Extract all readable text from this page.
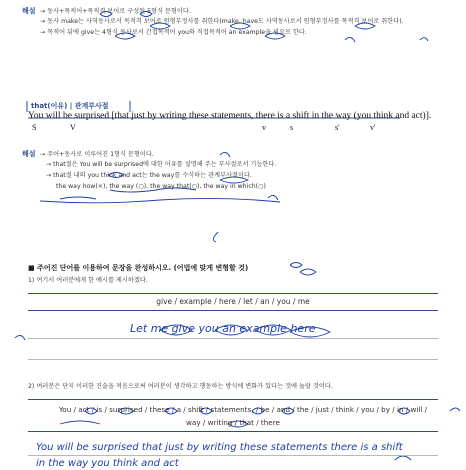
해설 → 동사+목적어+목적격 보어로 구성된 5형식 문형이다.
→ 동사 make는 사역동사로서 목적격 보어로 원형부정사를 취한다(make, have도 사역동사로서 원형부정사를 목적격 보어로 취한다).
→ 목적어 뒤에 give는 4형식 동사로서 간접목적어 you와 직접목적어 an example을 필요로 한다.
that(이유) | 관계부사절
You will be surprised [that just by writing these statements, there is a shift in the way (you think and act)].
S	V	v	s	s'	v'
해설 → 주어+동사로 이루어진 1형식 문형이다.
→ that절은 You will be surprised에 대한 이유를 설명해 주는 부사절로서 기능한다.
→ that절 내의 you think and act는 the way를 수식하는 관계부사절이다.
the way how(×), the way (○), the way that(○), the way in which(○)
■ 주어진 단어를 이용하여 문장을 완성하시오. (어법에 맞게 변형할 것)
1) 여기서 여러분에게 한 예시를 제시하겠다.
give / example / here / let / an / you / me
Let me give you an example here
2) 여러분은 단지 이러한 진술을 적음으로써 여러분이 생각하고 행동하는 방식에 변화가 있다는 것에 놀랄 것이다.
You / act / is / surprised / these / a / shift / statements, / be / and / the / just / think / you / by / in / will /
way / writing / that / there
You will be surprised that just by writing these statements there is a shift
in the way you think and act
